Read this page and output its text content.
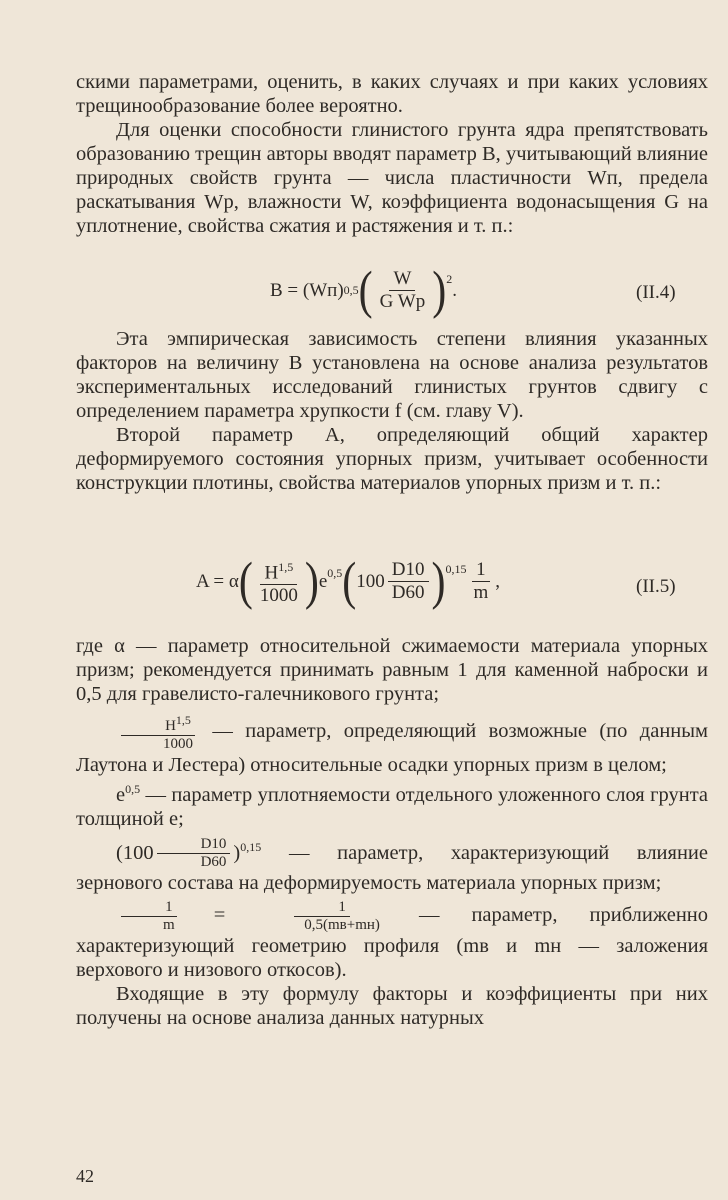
скими параметрами, оценить, в каких случаях и при каких условиях трещинообразование более вероятно.

Для оценки способности глинистого грунта ядра препятствовать образованию трещин авторы вводят параметр B, учитывающий влияние природных свойств грунта — числа пластичности Wп, предела раскатывания Wр, влажности W, коэффициента водонасыщения G на уплотнение, свойства сжатия и растяжения и т. п.:

B = (Wп) 0,5 ( $\frac{W}{\text{G Wр}} )^2$
.	(II.4)

Эта эмпирическая зависимость степени влияния указанных факторов на величину B установлена на основе анализа результатов экспериментальных исследований глинистых грунтов сдвигу с определением параметра хрупкости f (см. главу V).

Второй параметр A, определяющий общий характер деформируемого состояния упорных призм, учитывает особенности конструкции плотины, свойства материалов упорных призм и т. п.:

A = α ( $\frac{H^{1,5}}{1000}$ ) $e^{0,5}$ ( $100 \frac{D10}{D60} )^{0,15} \frac{1}{m}$ ,	(II.5)

где α — параметр относительной сжимаемости материала упорных призм; рекомендуется принимать равным 1 для каменной наброски и 0,5 для гравелисто-галечникового грунта;

$\frac{H^{1,5}}{1000}$ — параметр, определяющий возможные (по данным Лаутона и Лестера) относительные осадки упорных призм в целом;

$e^{0,5}$ — параметр уплотняемости отдельного уложенного слоя грунта толщиной e;

$(100 \frac{D10}{D60} )^{0,15}$ — параметр, характеризующий влияние зернового состава на деформируемость материала упорных призм;

$\frac{1}{m} = \frac{1}{0,5(mв+mн)}$ — параметр, приближенно характеризующий геометрию профиля (mв и mн — заложения верхового и низового откосов).

Входящие в эту формулу факторы и коэффициенты при них получены на основе анализа данных натурных

42
